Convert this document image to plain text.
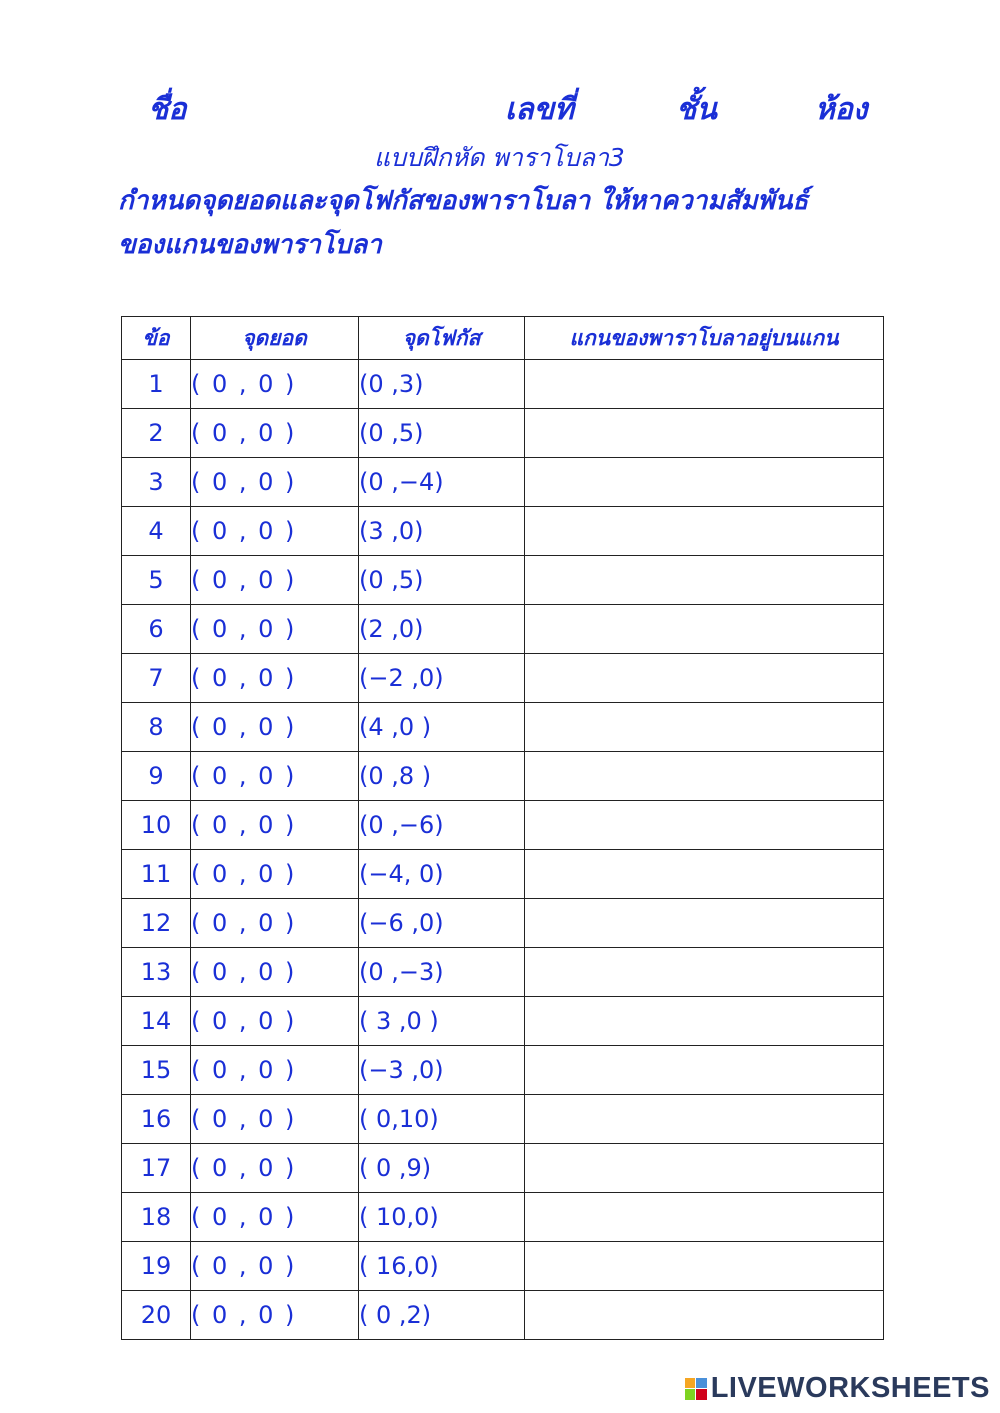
ชื่อ	เลขที่	ชั้น	ห้อง
แบบฝึกหัด พาราโบลา3
กำหนดจุดยอดและจุดโฟกัสของพาราโบลา ให้หาความสัมพันธ์
ของแกนของพาราโบลา
ข้อ	จุดยอด	จุดโฟกัส	แกนของพาราโบลาอยู่บนแกน
1	( 0 , 0 )	(0 ,3)	
2	( 0 , 0 )	(0 ,5)	
3	( 0 , 0 )	(0 ,−4)	
4	( 0 , 0 )	(3 ,0)	
5	( 0 , 0 )	(0 ,5)	
6	( 0 , 0 )	(2 ,0)	
7	( 0 , 0 )	(−2 ,0)	
8	( 0 , 0 )	(4 ,0 )	
9	( 0 , 0 )	(0 ,8 )	
10	( 0 , 0 )	(0 ,−6)	
11	( 0 , 0 )	(−4, 0)	
12	( 0 , 0 )	(−6 ,0)	
13	( 0 , 0 )	(0 ,−3)	
14	( 0 , 0 )	( 3 ,0 )	
15	( 0 , 0 )	(−3 ,0)	
16	( 0 , 0 )	( 0,10)	
17	( 0 , 0 )	( 0 ,9)	
18	( 0 , 0 )	( 10,0)	
19	( 0 , 0 )	( 16,0)	
20	( 0 , 0 )	( 0 ,2)	
LIVEWORKSHEETS
